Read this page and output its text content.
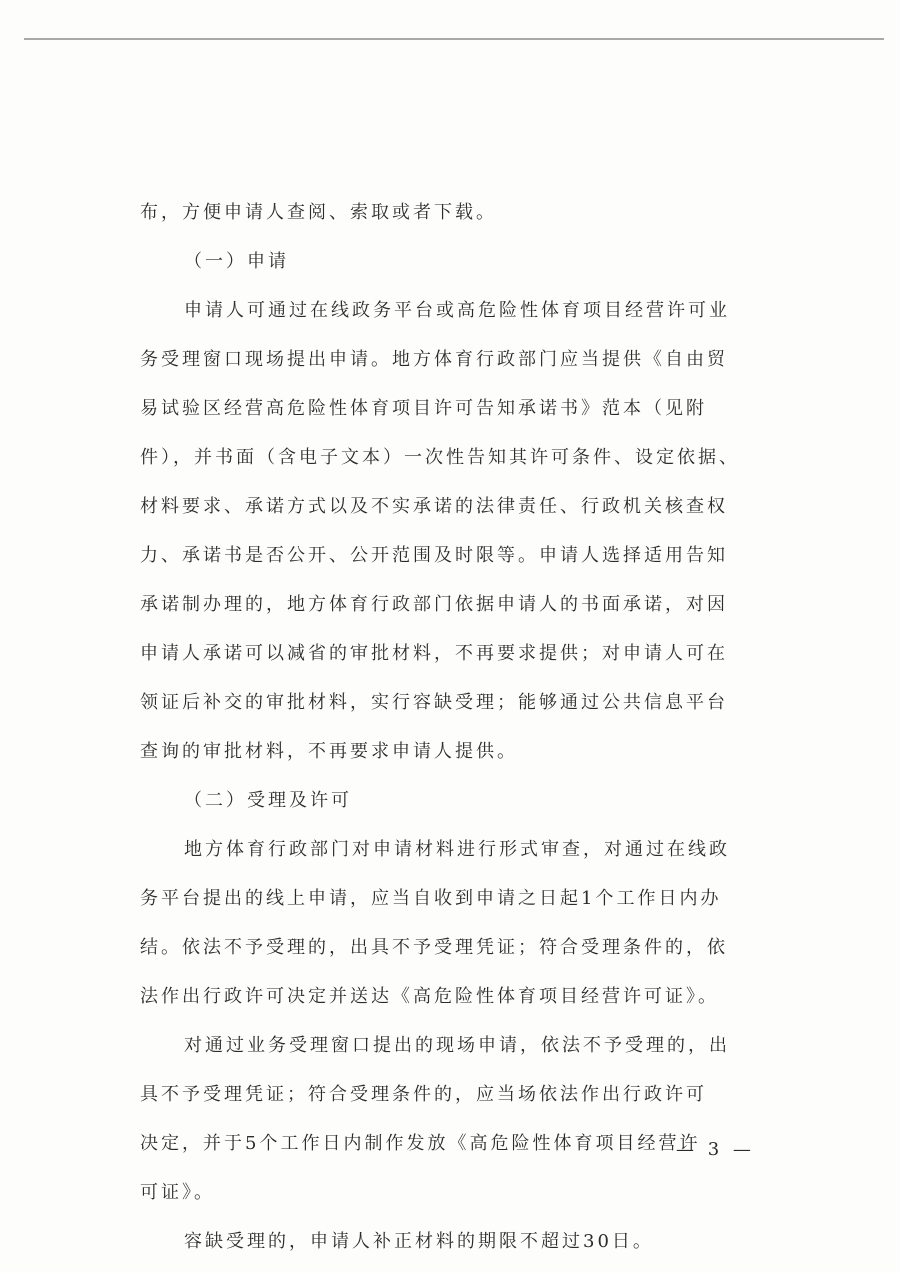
布，方便申请人查阅、索取或者下载。
（一）申请
申请人可通过在线政务平台或高危险性体育项目经营许可业
务受理窗口现场提出申请。地方体育行政部门应当提供《自由贸
易试验区经营高危险性体育项目许可告知承诺书》范本（见附
件），并书面（含电子文本）一次性告知其许可条件、设定依据、
材料要求、承诺方式以及不实承诺的法律责任、行政机关核查权
力、承诺书是否公开、公开范围及时限等。申请人选择适用告知
承诺制办理的，地方体育行政部门依据申请人的书面承诺，对因
申请人承诺可以减省的审批材料，不再要求提供；对申请人可在
领证后补交的审批材料，实行容缺受理；能够通过公共信息平台
查询的审批材料，不再要求申请人提供。
（二）受理及许可
地方体育行政部门对申请材料进行形式审查，对通过在线政
务平台提出的线上申请，应当自收到申请之日起1个工作日内办
结。依法不予受理的，出具不予受理凭证；符合受理条件的，依
法作出行政许可决定并送达《高危险性体育项目经营许可证》。
对通过业务受理窗口提出的现场申请，依法不予受理的，出
具不予受理凭证；符合受理条件的，应当场依法作出行政许可
决定，并于5个工作日内制作发放《高危险性体育项目经营许
可证》。
容缺受理的，申请人补正材料的期限不超过30日。
— 3 —
